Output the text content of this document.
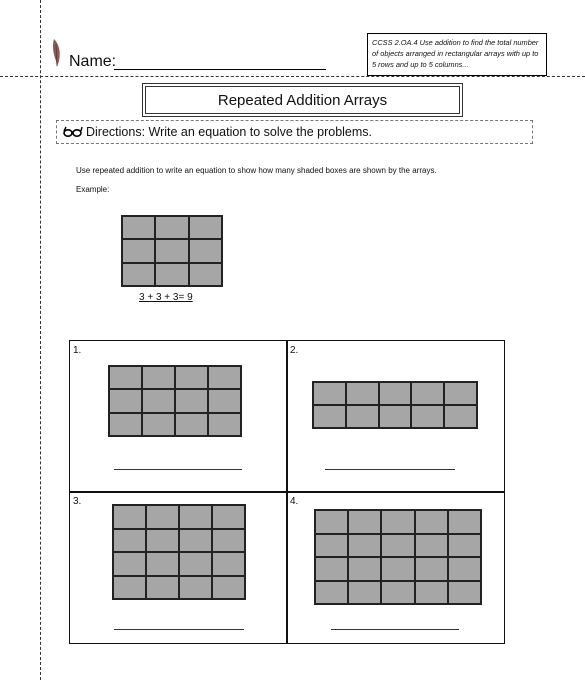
Name:
CCSS 2.OA.4 Use addition to find the total number of objects arranged in rectangular arrays with up to 5 rows and up to 5 columns...
Repeated Addition Arrays
Directions: Write an equation to solve the problems.
Use repeated addition to write an equation to show how many shaded boxes are shown by the arrays.
Example:
3 + 3 + 3= 9
1.	2.
3.	4.
